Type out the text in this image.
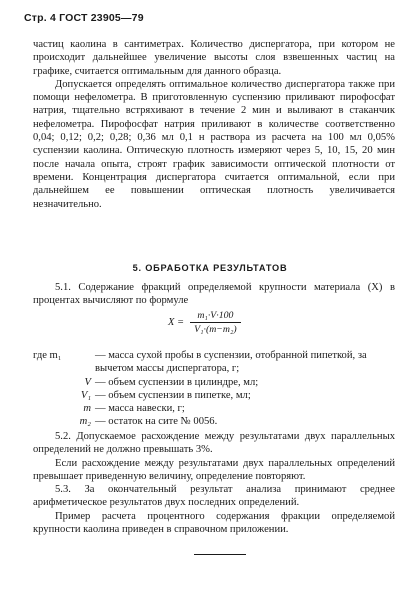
Стр. 4 ГОСТ 23905—79

частиц каолина в сантиметрах. Количество диспергатора, при котором не происходит дальнейшее увеличение высоты слоя взвешенных частиц на графике, считается оптимальным для данного образца.

Допускается определять оптимальное количество диспергатора также при помощи нефелометра. В приготовленную суспензию приливают пирофосфат натрия, тщательно встряхивают в течение 2 мин и выливают в стаканчик нефелометра. Пирофосфат натрия приливают в количестве соответственно 0,04; 0,12; 0,2; 0,28; 0,36 мл 0,1 н раствора из расчета на 100 мл 0,05% суспензии каолина. Оптическую плотность измеряют через 5, 10, 15, 20 мин после начала опыта, строят график зависимости оптической плотности от времени. Концентрация диспергатора считается оптимальной, если при дальнейшем ее повышении оптическая плотность увеличивается незначительно.

5. ОБРАБОТКА РЕЗУЛЬТАТОВ

5.1. Содержание фракций определяемой крупности материала (X) в процентах вычисляют по формуле

$X = \frac{\text{m₁·V·100}}{\text{V₁·(m−m₂)}}$
где m₁	— масса сухой пробы в суспензии, отобранной пипеткой, за вычетом массы диспергатора, г;
V — объем суспензии в цилиндре, мл;
V₁ — объем суспензии в пипетке, мл;
m — масса навески, г;
m₂ — остаток на сите № 0056.

5.2. Допускаемое расхождение между результатами двух параллельных определений не должно превышать 3%.

Если расхождение между результатами двух параллельных определений превышает приведенную величину, определение повторяют.

5.3. За окончательный результат анализа принимают среднее арифметическое результатов двух последних определений.

Пример расчета процентного содержания фракции определяемой крупности каолина приведен в справочном приложении.
